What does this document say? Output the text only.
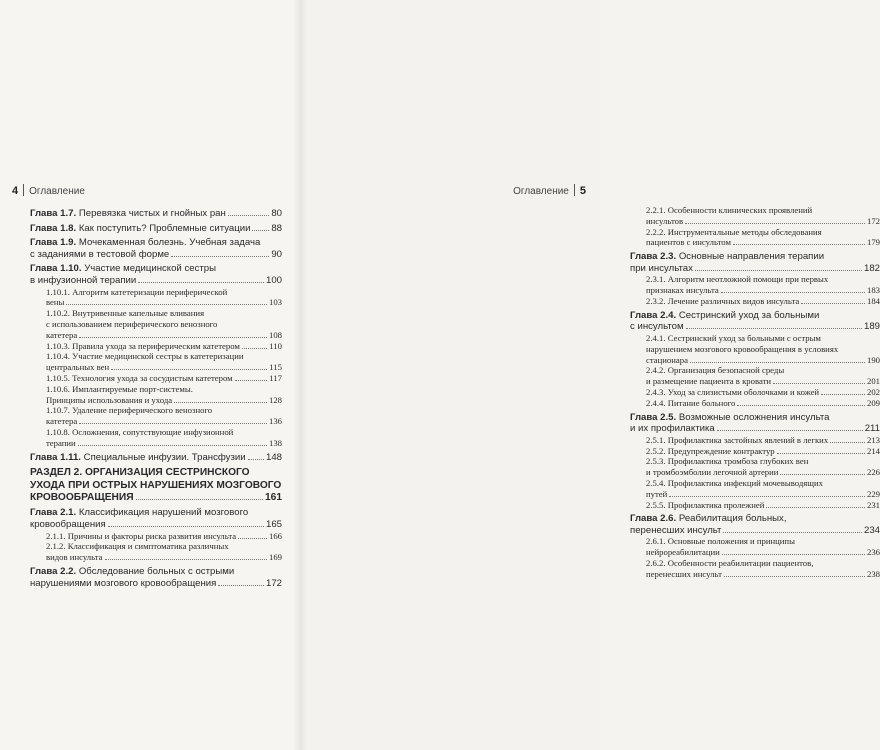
4 Оглавление
Глава 1.7. Перевязка чистых и гнойных ран	80
Глава 1.8. Как поступить? Проблемные ситуации 88
Глава 1.9. Мочекаменная болезнь. Учебная задача
с заданиями в тестовой форме	90
Глава 1.10. Участие медицинской сестры
в инфузионной терапии	100
1.10.1. Алгоритм катетеризации периферической
вены	103
1.10.2. Внутривенные капельные вливания
с использованием периферического венозного
катетера	108
1.10.3. Правила ухода за периферическим катетером	110
1.10.4. Участие медицинской сестры в катетеризации
центральных вен	115
1.10.5. Технология ухода за сосудистым катетером	117
1.10.6. Имплантируемые порт-системы.
Принципы использования и ухода	128
1.10.7. Удаление периферического венозного
катетера	136
1.10.8. Осложнения, сопутствующие инфузионной
терапии	138
Глава 1.11. Специальные инфузии. Трансфузии 148
РАЗДЕЛ 2. ОРГАНИЗАЦИЯ СЕСТРИНСКОГО
УХОДА ПРИ ОСТРЫХ НАРУШЕНИЯХ МОЗГОВОГО
КРОВООБРАЩЕНИЯ	161
Глава 2.1. Классификация нарушений мозгового
кровообращения	165
2.1.1. Причины и факторы риска развития инсульта	166
2.1.2. Классификация и симптоматика различных
видов инсульта	169
Глава 2.2. Обследование больных с острыми
нарушениями мозгового кровообращения	172
Оглавление 5
2.2.1. Особенности клинических проявлений
инсультов	172
2.2.2. Инструментальные методы обследования
пациентов с инсультом	179
Глава 2.3. Основные направления терапии
при инсультах	182
2.3.1. Алгоритм неотложной помощи при первых
признаках инсульта	183
2.3.2. Лечение различных видов инсульта	184
Глава 2.4. Сестринский уход за больными
с инсультом	189
2.4.1. Сестринский уход за больными с острым
нарушением мозгового кровообращения в условиях
стационара	190
2.4.2. Организация безопасной среды
и размещение пациента в кровати	201
2.4.3. Уход за слизистыми оболочками и кожей	202
2.4.4. Питание больного	209
Глава 2.5. Возможные осложнения инсульта
и их профилактика	211
2.5.1. Профилактика застойных явлений в легких	213
2.5.2. Предупреждение контрактур	214
2.5.3. Профилактика тромбоза глубоких вен
и тромбоэмболии легочной артерии	226
2.5.4. Профилактика инфекций мочевыводящих
путей	229
2.5.5. Профилактика пролежней	231
Глава 2.6. Реабилитация больных,
перенесших инсульт	234
2.6.1. Основные положения и принципы
нейрореабилитации	236
2.6.2. Особенности реабилитации пациентов,
перенесших инсульт	238
